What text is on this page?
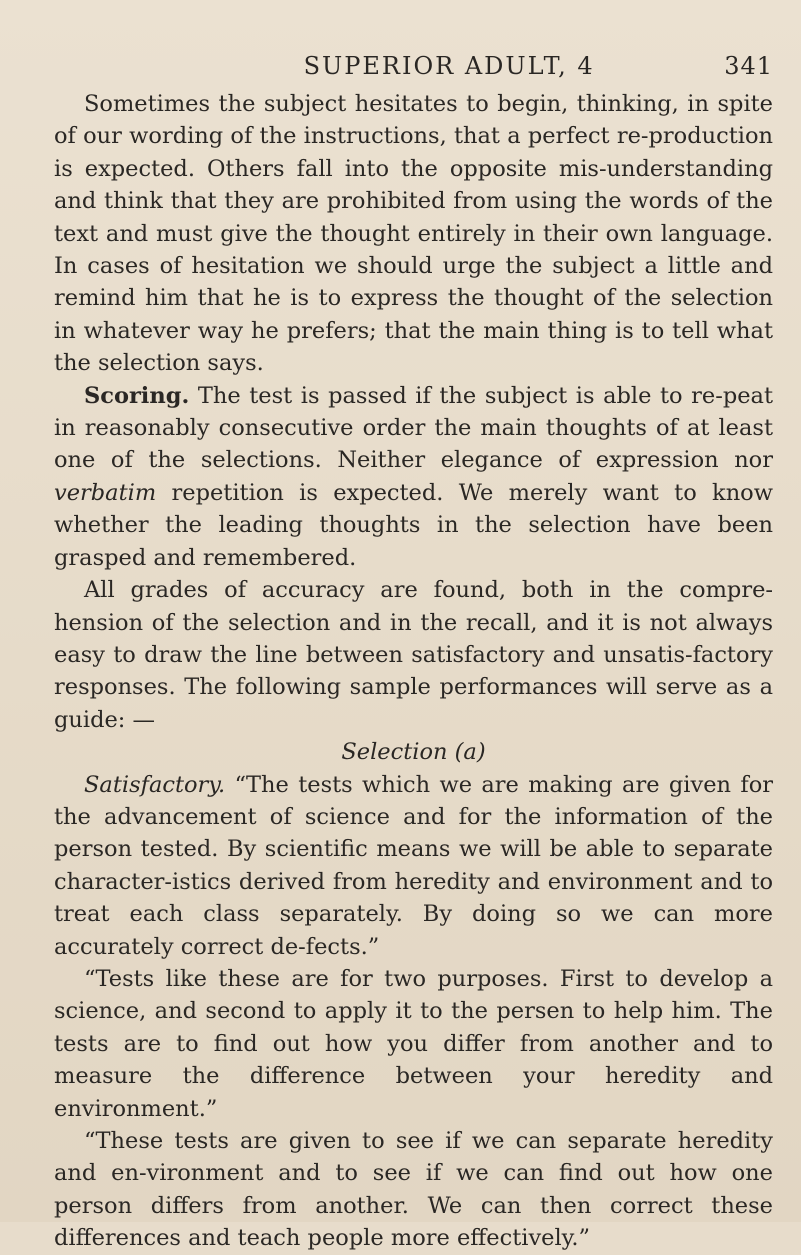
SUPERIOR ADULT, 4	341

Sometimes the subject hesitates to begin, thinking, in spite of our wording of the instructions, that a perfect re-production is expected. Others fall into the opposite mis-understanding and think that they are prohibited from using the words of the text and must give the thought entirely in their own language. In cases of hesitation we should urge the subject a little and remind him that he is to express the thought of the selection in whatever way he prefers; that the main thing is to tell what the selection says.

Scoring. The test is passed if the subject is able to re-peat in reasonably consecutive order the main thoughts of at least one of the selections. Neither elegance of expression nor verbatim repetition is expected. We merely want to know whether the leading thoughts in the selection have been grasped and remembered.

All grades of accuracy are found, both in the compre-hension of the selection and in the recall, and it is not always easy to draw the line between satisfactory and unsatis-factory responses. The following sample performances will serve as a guide: —

Selection (a)

Satisfactory. “The tests which we are making are given for the advancement of science and for the information of the person tested. By scientific means we will be able to separate character-istics derived from heredity and environment and to treat each class separately. By doing so we can more accurately correct de-fects.”

“Tests like these are for two purposes. First to develop a science, and second to apply it to the persen to help him. The tests are to find out how you differ from another and to measure the difference between your heredity and environment.”

“These tests are given to see if we can separate heredity and en-vironment and to see if we can find out how one person differs from another. We can then correct these differences and teach people more effectively.”
